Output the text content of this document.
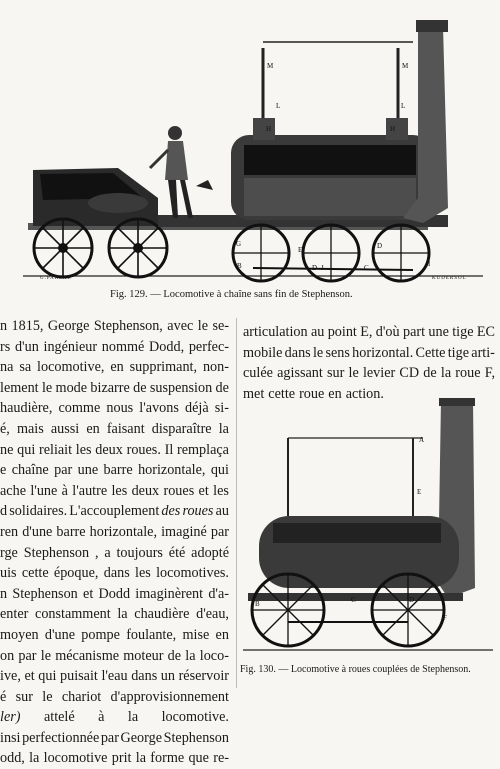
M
L
H
M
L
H
G
B
E
D J	C	I
D
G.PARSAL	KUDERSOL
Fig. 129. — Locomotive à chaîne sans fin de Stephenson.
n 1815, George Stephenson, avec le se-
rs d'un ingénieur nommé Dodd, perfec-
na sa locomotive, en supprimant, non-
lement le mode bizarre de suspension de
haudière, comme nous l'avons déjà si-
é, mais aussi en faisant disparaître la
ne qui reliait les deux roues. Il remplaça
e chaîne par une barre horizontale, qui
ache l'une à l'autre les deux roues et les
d solidaires. L'accouplement des roues au
ren d'une barre horizontale, imaginé par
rge Stephenson , a toujours été adopté
uis cette époque, dans les locomotives.
n Stephenson et Dodd imaginèrent d'a-
enter constamment la chaudière d'eau,
moyen d'une pompe foulante, mise en
on par le mécanisme moteur de la loco-
ive, et qui puisait l'eau dans un réservoir
é sur le chariot d'approvisionnement
ler) attelé à la locomotive.
insi perfectionnée par George Stephenson
odd, la locomotive prit la forme que re-
articulation au point E, d'où part une tige EC
mobile dans le sens horizontal. Cette tige arti-
culée agissant sur le levier CD de la roue F,
met cette roue en action.
A
E
B
F
C	D
Fig. 130. — Locomotive à roues couplées de Stephenson.
